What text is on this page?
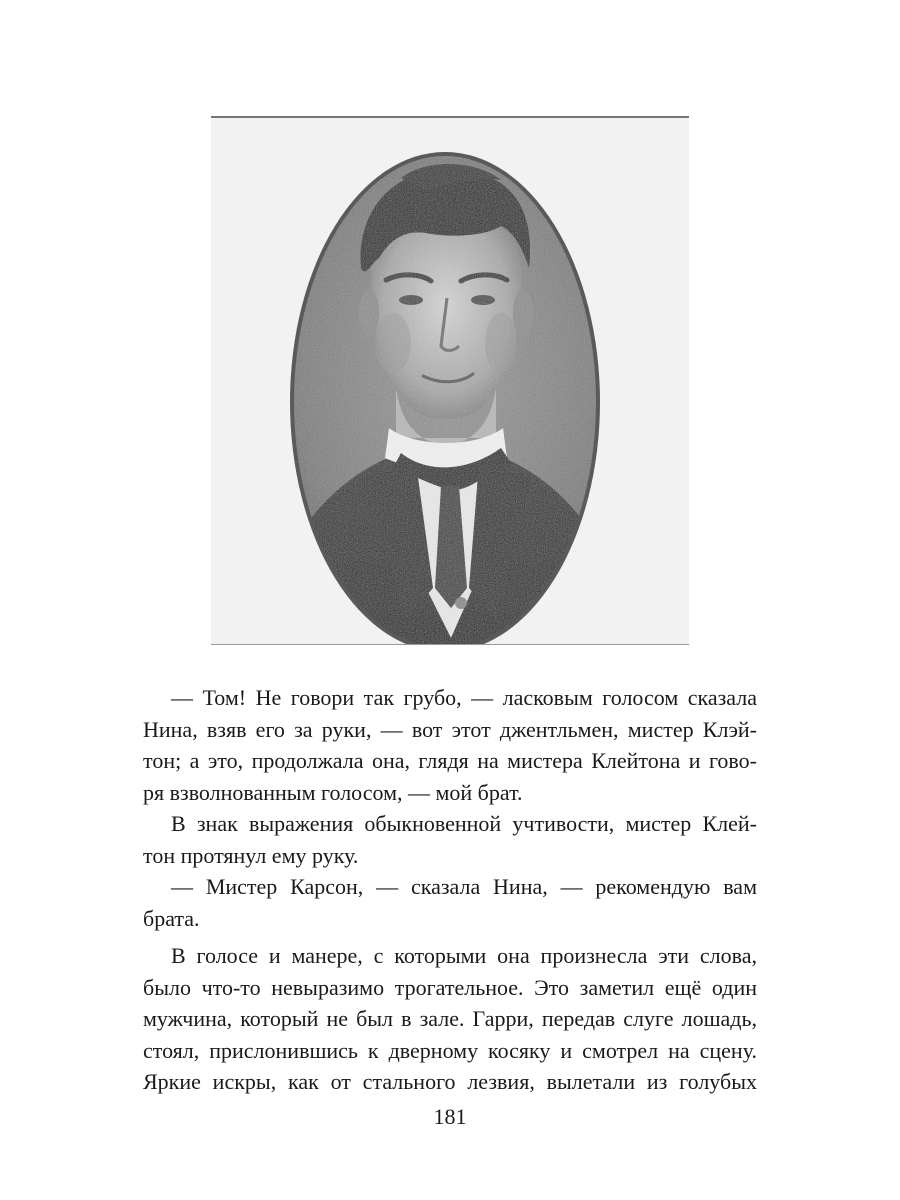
— Том! Не говори так грубо, — ласковым голосом сказала
Нина, взяв его за руки, — вот этот джентльмен, мистер Клэй-
тон; а это, продолжала она, глядя на мистера Клейтона и гово-
ря взволнованным голосом, — мой брат.
В знак выражения обыкновенной учтивости, мистер Клей-
тон протянул ему руку.
— Мистер Карсон, — сказала Нина, — рекомендую вам
брата.
В голосе и манере, с которыми она произнесла эти слова,
было что-то невыразимо трогательное. Это заметил ещё один
мужчина, который не был в зале. Гарри, передав слуге лошадь,
стоял, прислонившись к дверному косяку и смотрел на сцену.
Яркие искры, как от стального лезвия, вылетали из голубых
181
